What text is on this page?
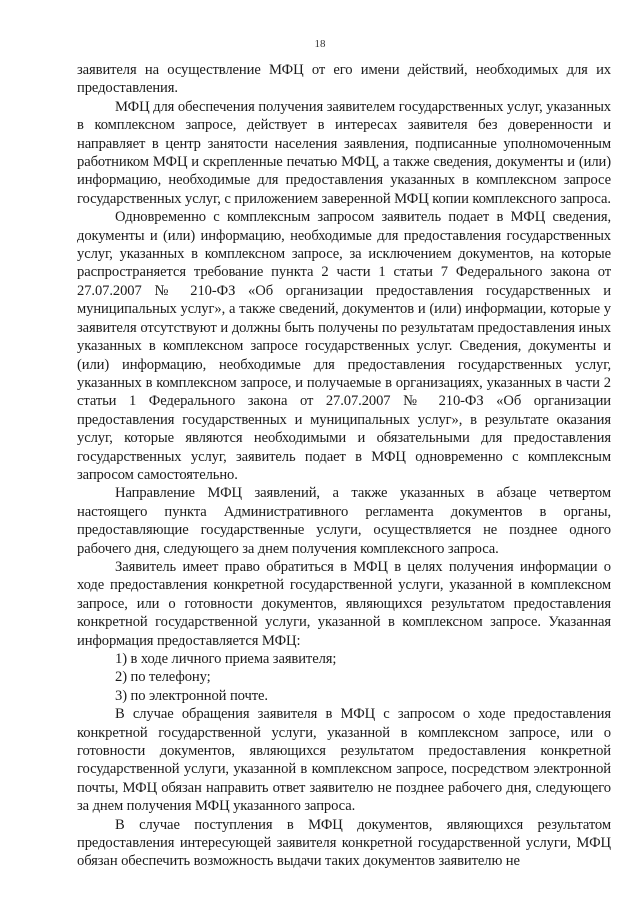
18

заявителя на осуществление МФЦ от его имени действий, необходимых для их предоставления.

МФЦ для обеспечения получения заявителем государственных услуг, указанных в комплексном запросе, действует в интересах заявителя без доверенности и направляет в центр занятости населения заявления, подписанные уполномоченным работником МФЦ и скрепленные печатью МФЦ, а также сведения, документы и (или) информацию, необходимые для предоставления указанных в комплексном запросе государственных услуг, с приложением заверенной МФЦ копии комплексного запроса.

Одновременно с комплексным запросом заявитель подает в МФЦ сведения, документы и (или) информацию, необходимые для предоставления государственных услуг, указанных в комплексном запросе, за исключением документов, на которые распространяется требование пункта 2 части 1 статьи 7 Федерального закона от 27.07.2007 № 210-ФЗ «Об организации предоставления государственных и муниципальных услуг», а также сведений, документов и (или) информации, которые у заявителя отсутствуют и должны быть получены по результатам предоставления иных указанных в комплексном запросе государственных услуг. Сведения, документы и (или) информацию, необходимые для предоставления государственных услуг, указанных в комплексном запросе, и получаемые в организациях, указанных в части 2 статьи 1 Федерального закона от 27.07.2007 № 210-ФЗ «Об организации предоставления государственных и муниципальных услуг», в результате оказания услуг, которые являются необходимыми и обязательными для предоставления государственных услуг, заявитель подает в МФЦ одновременно с комплексным запросом самостоятельно.

Направление МФЦ заявлений, а также указанных в абзаце четвертом настоящего пункта Административного регламента документов в органы, предоставляющие государственные услуги, осуществляется не позднее одного рабочего дня, следующего за днем получения комплексного запроса.

Заявитель имеет право обратиться в МФЦ в целях получения информации о ходе предоставления конкретной государственной услуги, указанной в комплексном запросе, или о готовности документов, являющихся результатом предоставления конкретной государственной услуги, указанной в комплексном запросе. Указанная информация предоставляется МФЦ:

1) в ходе личного приема заявителя;

2) по телефону;

3) по электронной почте.

В случае обращения заявителя в МФЦ с запросом о ходе предоставления конкретной государственной услуги, указанной в комплексном запросе, или о готовности документов, являющихся результатом предоставления конкретной государственной услуги, указанной в комплексном запросе, посредством электронной почты, МФЦ обязан направить ответ заявителю не позднее рабочего дня, следующего за днем получения МФЦ указанного запроса.

В случае поступления в МФЦ документов, являющихся результатом предоставления интересующей заявителя конкретной государственной услуги, МФЦ обязан обеспечить возможность выдачи таких документов заявителю не
